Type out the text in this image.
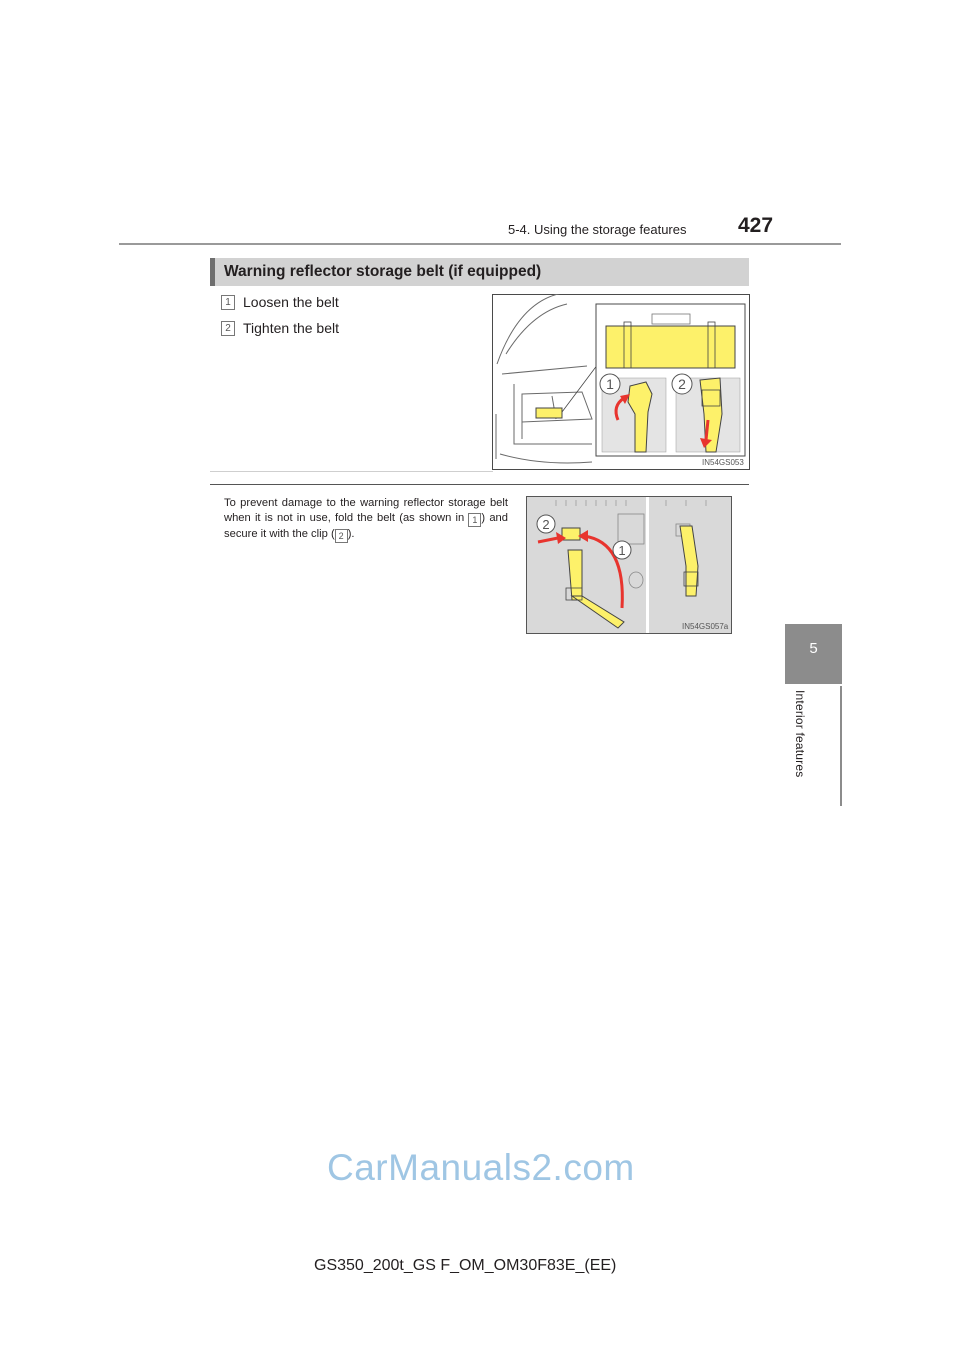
5-4. Using the storage features 427
5
Interior features
Warning reflector storage belt (if equipped)
1 Loosen the belt
2 Tighten the belt
1	2
IN54GS053
To prevent damage to the warning reflector storage belt when it is not in use, fold the belt (as shown in 1 ) and secure it with the clip ( 2 ).
2
1
IN54GS057a
CarManuals2.com
GS350_200t_GS F_OM_OM30F83E_(EE)
